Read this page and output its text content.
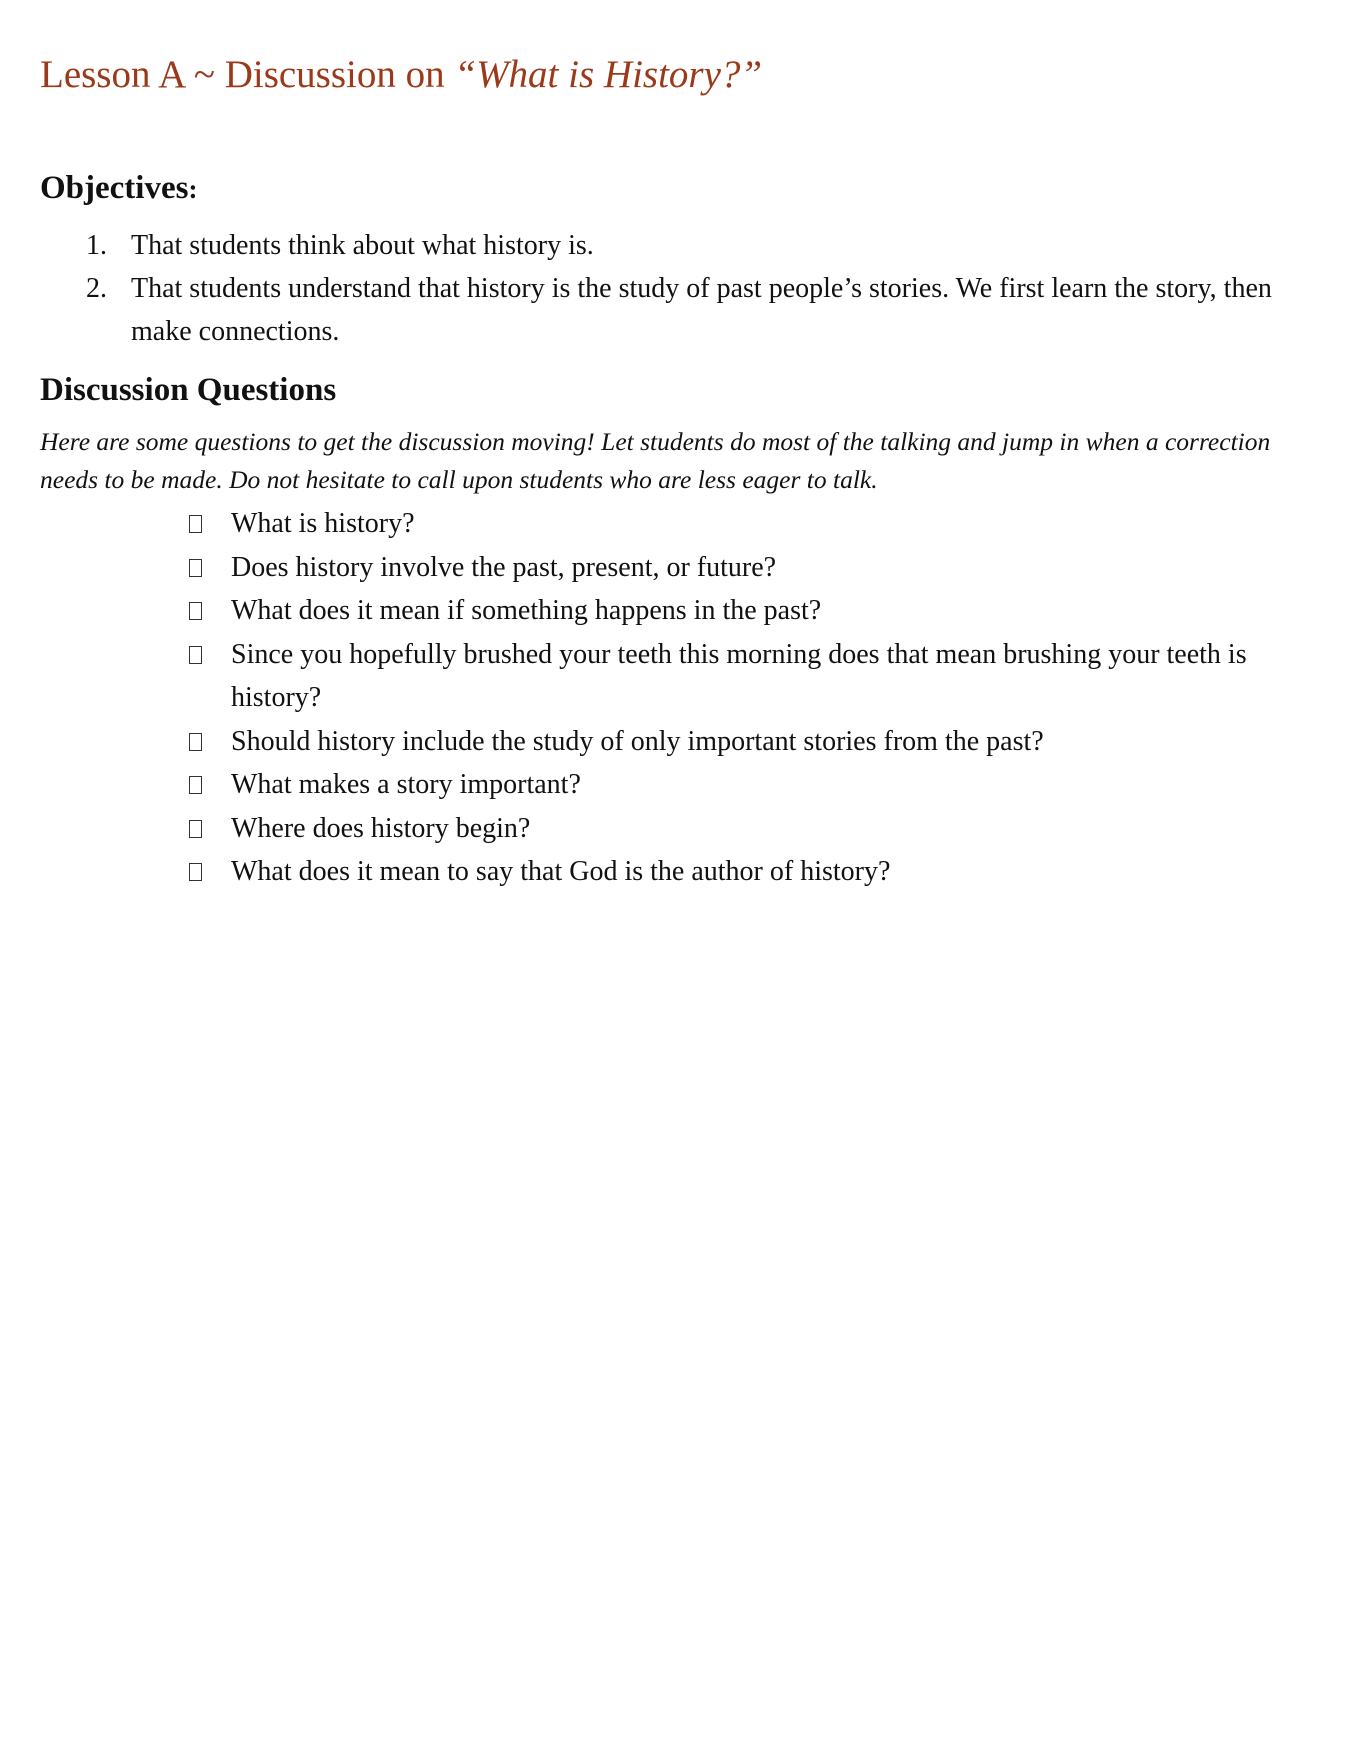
Lesson A ~ Discussion on “What is History?”
Objectives:
1. That students think about what history is.
2. That students understand that history is the study of past people’s stories. We first learn the story, then make connections.
Discussion Questions

Here are some questions to get the discussion moving! Let students do most of the talking and jump in when a correction needs to be made. Do not hesitate to call upon students who are less eager to talk.

What is history?
Does history involve the past, present, or future?
What does it mean if something happens in the past?
Since you hopefully brushed your teeth this morning does that mean brushing your teeth is history?
Should history include the study of only important stories from the past?
What makes a story important?
Where does history begin?
What does it mean to say that God is the author of history?
